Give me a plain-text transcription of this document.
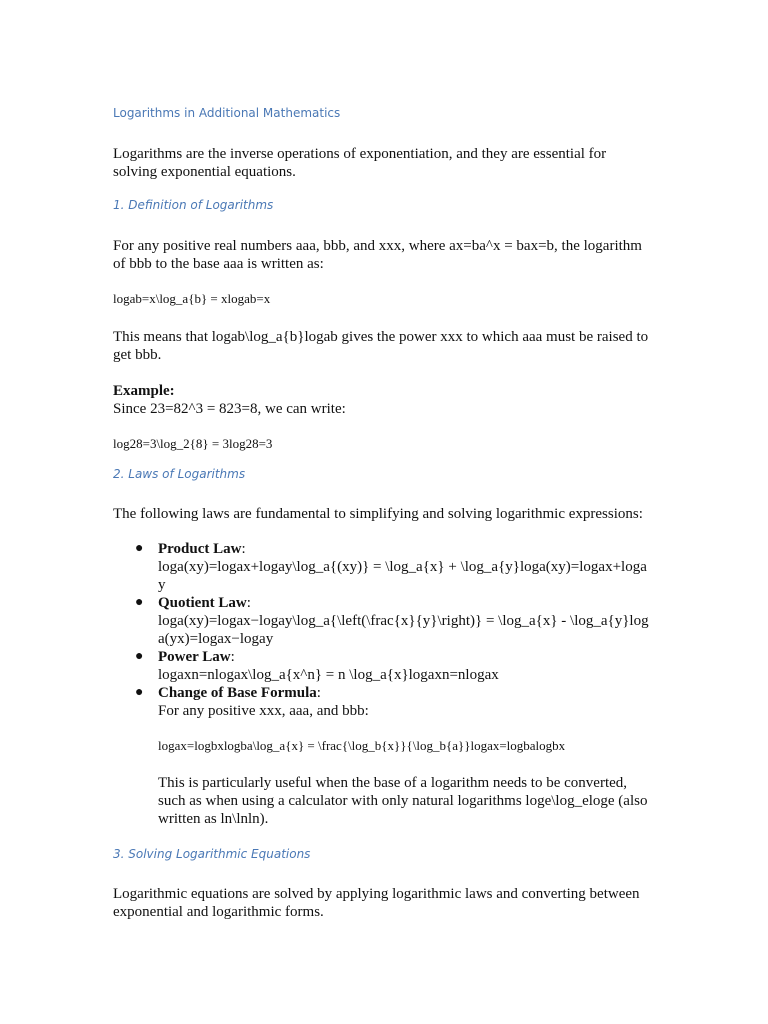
Logarithms in Additional Mathematics

Logarithms are the inverse operations of exponentiation, and they are essential for solving exponential equations.

1. Definition of Logarithms

For any positive real numbers aaa, bbb, and xxx, where ax=ba^x = bax=b, the logarithm of bbb to the base aaa is written as:

logab=x\log_a{b} = xlogab=x

This means that logab\log_a{b}logab gives the power xxx to which aaa must be raised to get bbb.

Example:

Since 23=82^3 = 823=8, we can write:

log28=3\log_2{8} = 3log28=3
2. Laws of Logarithms

The following laws are fundamental to simplifying and solving logarithmic expressions:

● Product Law:
loga(xy)=logax+logay\log_a{(xy)} = \log_a{x} + \log_a{y}loga(xy)=logax+logay
● Quotient Law:
loga(xy)=logax−logay\log_a{\left(\frac{x}{y}\right)} = \log_a{x} - \log_a{y}loga(yx)=logax−logay
● Power Law:
logaxn=nlogax\log_a{x^n} = n \log_a{x}logaxn=nlogax
● Change of Base Formula:
For any positive xxx, aaa, and bbb:
logax=logbxlogba\log_a{x} = \frac{\log_b{x}}{\log_b{a}}logax=logbalogbx
This is particularly useful when the base of a logarithm needs to be converted, such as when using a calculator with only natural logarithms loge\log_eloge (also written as ln\lnln).
3. Solving Logarithmic Equations

Logarithmic equations are solved by applying logarithmic laws and converting between exponential and logarithmic forms.
